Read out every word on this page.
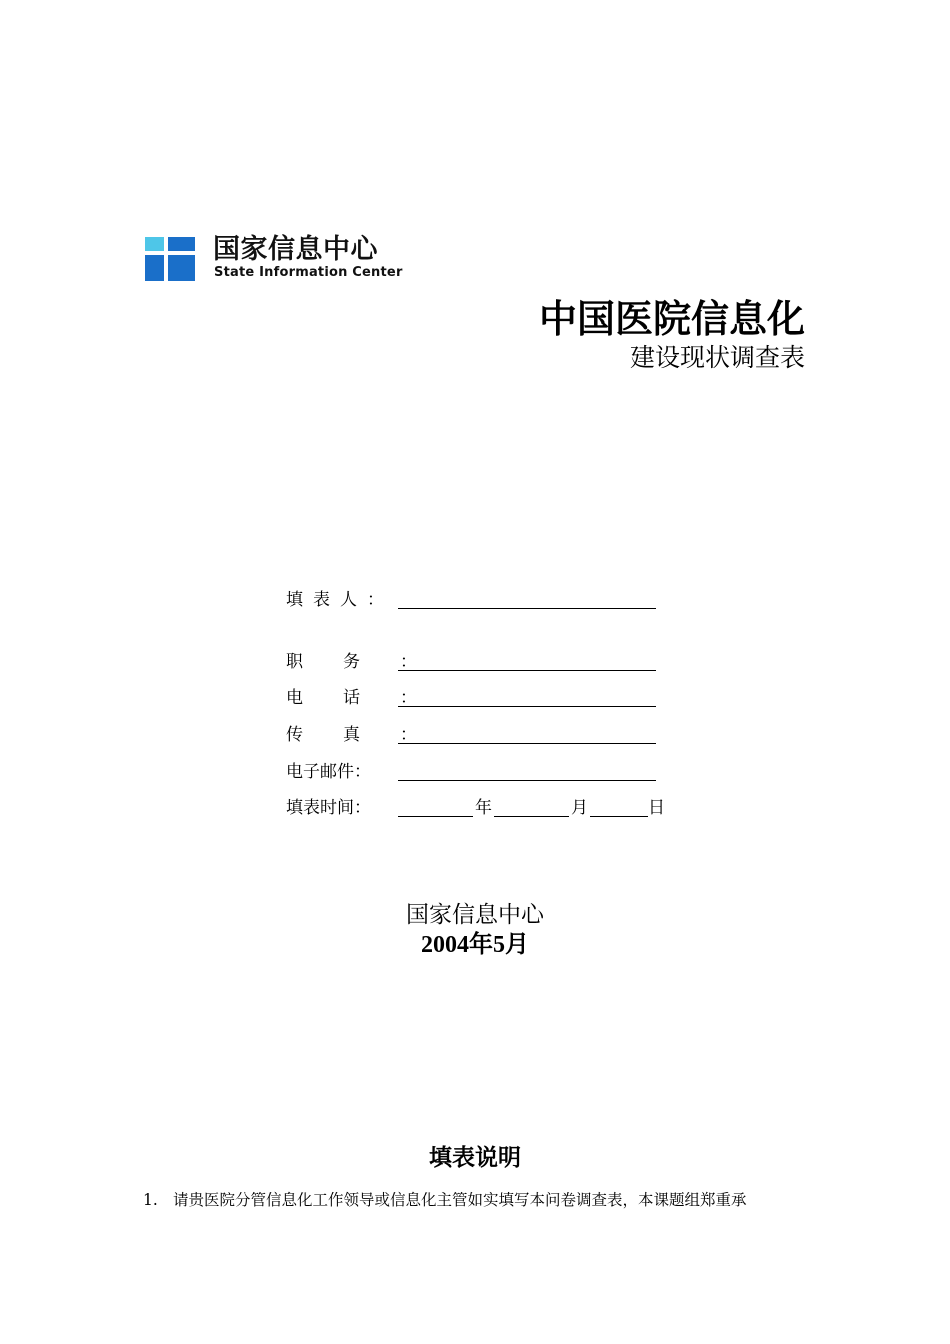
国家信息中心
State Information Center
中国医院信息化
建设现状调查表
填表人：
职务：
电话：
传真：
电子邮件：
填表时间：	年	月	日
国家信息中心
2004年5月
填表说明
1. 请贵医院分管信息化工作领导或信息化主管如实填写本问卷调查表，本课题组郑重承
